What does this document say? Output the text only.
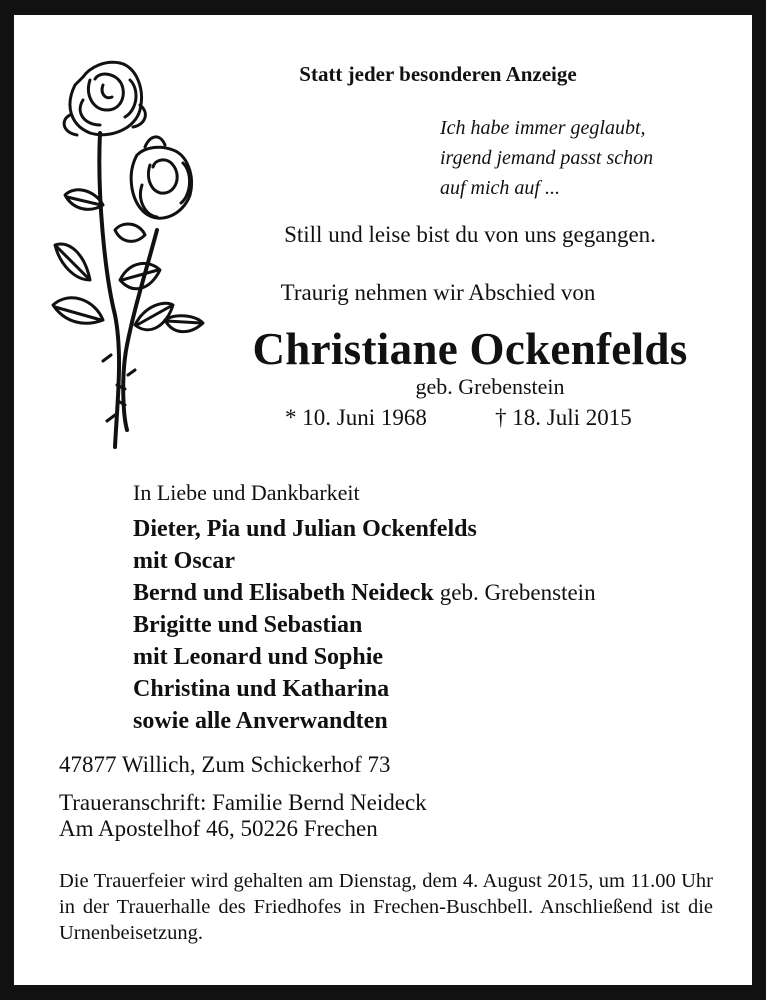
Statt jeder besonderen Anzeige
Ich habe immer geglaubt,
irgend jemand passt schon
auf mich auf ...
Still und leise bist du von uns gegangen.
Traurig nehmen wir Abschied von
Christiane Ockenfelds
geb. Grebenstein
* 10. Juni 1968	† 18. Juli 2015
In Liebe und Dankbarkeit
Dieter, Pia und Julian Ockenfelds
mit Oscar
Bernd und Elisabeth Neideck geb. Grebenstein
Brigitte und Sebastian
mit Leonard und Sophie
Christina und Katharina
sowie alle Anverwandten
47877 Willich, Zum Schickerhof 73
Traueranschrift: Familie Bernd Neideck
Am Apostelhof 46, 50226 Frechen
Die Trauerfeier wird gehalten am Dienstag, dem 4. August 2015, um 11.00 Uhr in der Trauerhalle des Friedhofes in Frechen-Buschbell. Anschließend ist die Urnenbeisetzung.
